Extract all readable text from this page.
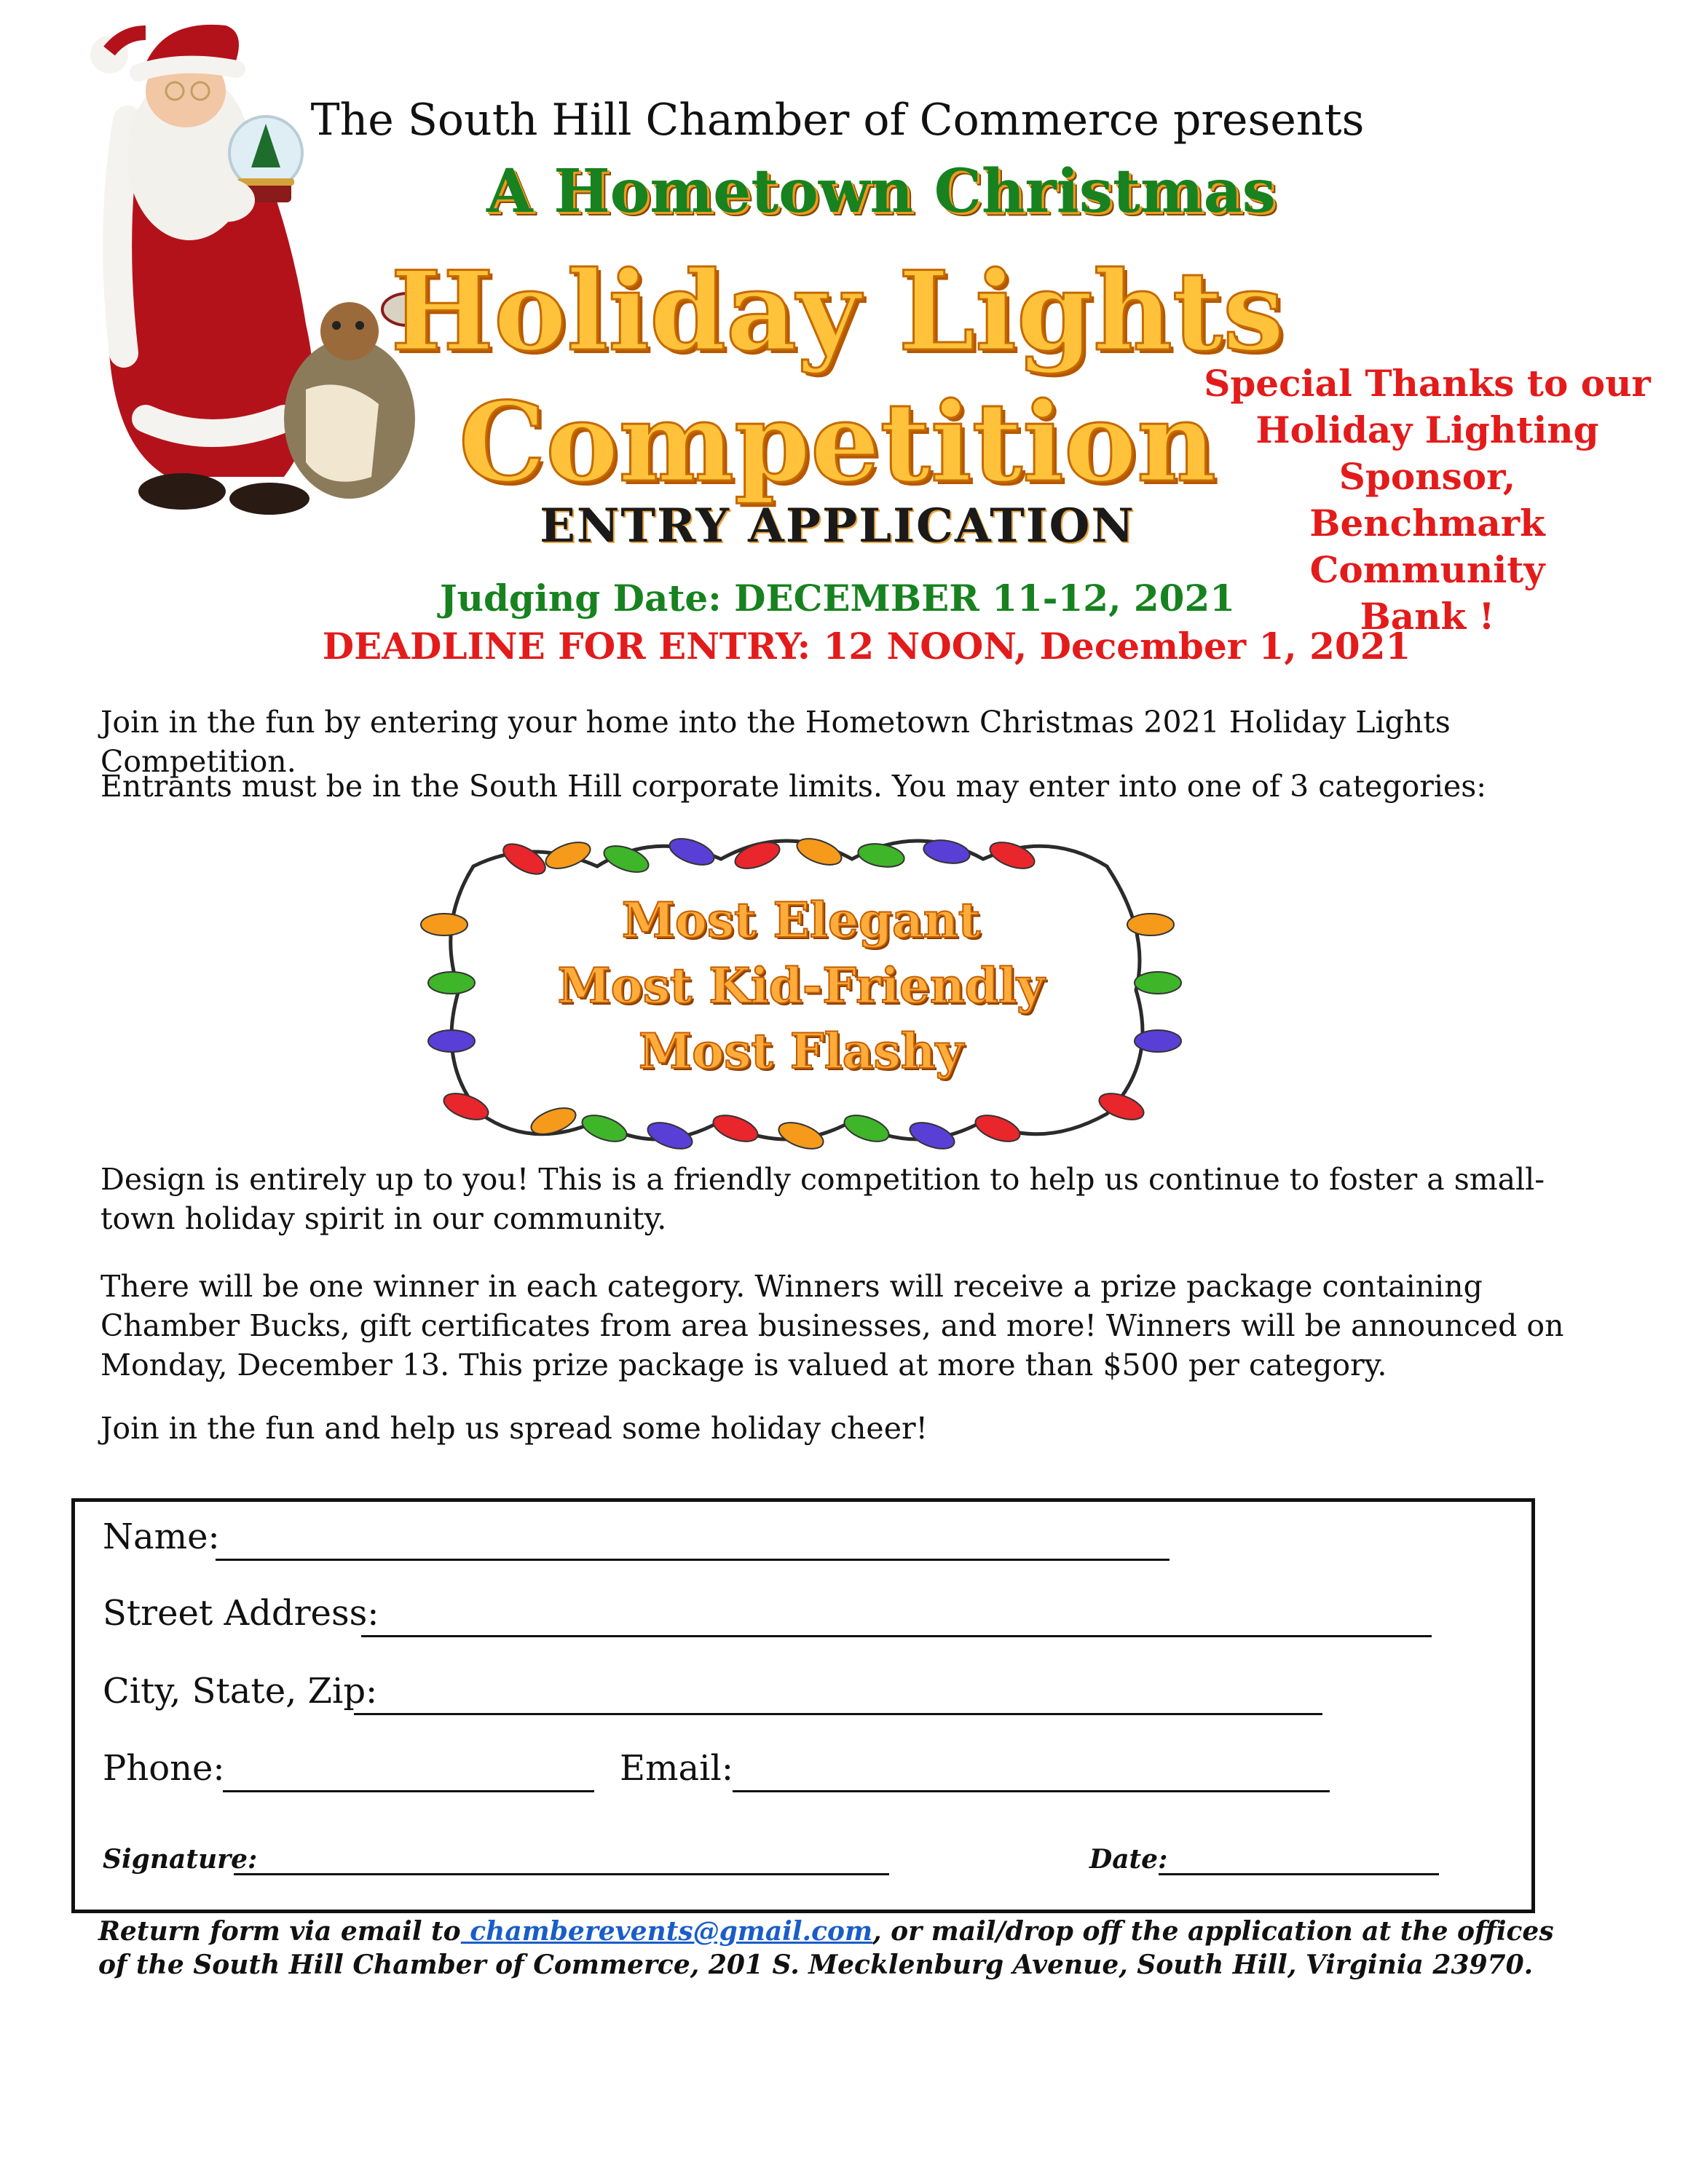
The South Hill Chamber of Commerce presents
A Hometown Christmas
Holiday Lights
Competition
ENTRY APPLICATION
Special Thanks to our
Holiday Lighting Sponsor,
Benchmark
Community
Bank !
Judging Date: DECEMBER 11-12, 2021
DEADLINE FOR ENTRY: 12 NOON, December 1, 2021
Join in the fun by entering your home into the Hometown Christmas 2021 Holiday Lights Competition.
Entrants must be in the South Hill corporate limits. You may enter into one of 3 categories:
Most Elegant
Most Kid-Friendly
Most Flashy
Design is entirely up to you! This is a friendly competition to help us continue to foster a small-town holiday spirit in our community.
There will be one winner in each category. Winners will receive a prize package containing Chamber Bucks, gift certificates from area businesses, and more! Winners will be announced on Monday, December 13. This prize package is valued at more than $500 per category.
Join in the fun and help us spread some holiday cheer!
Name:
Street Address:
City, State, Zip:
Phone:	Email:
Signature:	Date:
Return form via email to chamberevents@gmail.com, or mail/drop off the application at the offices of the South Hill Chamber of Commerce, 201 S. Mecklenburg Avenue, South Hill, Virginia 23970.
